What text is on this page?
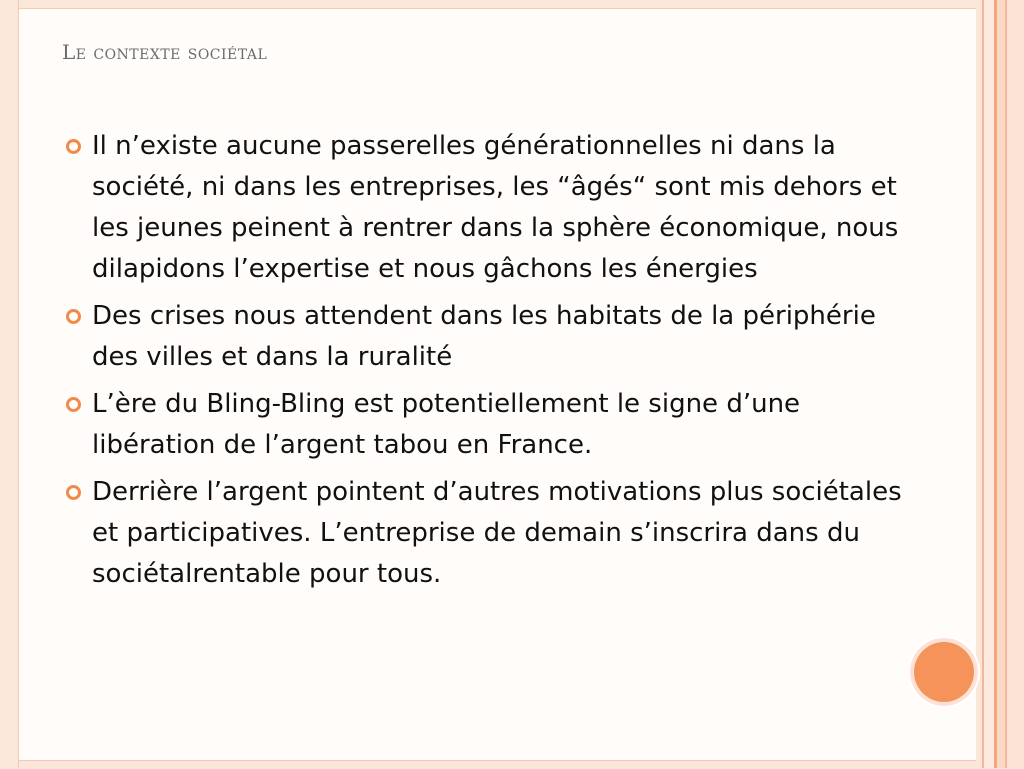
Le contexte sociétal
Il n’existe aucune passerelles générationnelles ni dans la société, ni dans les entreprises, les “âgés“ sont mis dehors et les jeunes peinent à rentrer dans la sphère économique, nous dilapidons l’expertise et nous gâchons les énergies
Des crises nous attendent dans les habitats de la périphérie des villes et dans la ruralité
L’ère du Bling-Bling est potentiellement le signe d’une libération de l’argent tabou en France.
Derrière l’argent pointent d’autres motivations plus sociétales et participatives. L’entreprise de demain s’inscrira dans du sociétalrentable pour tous.
